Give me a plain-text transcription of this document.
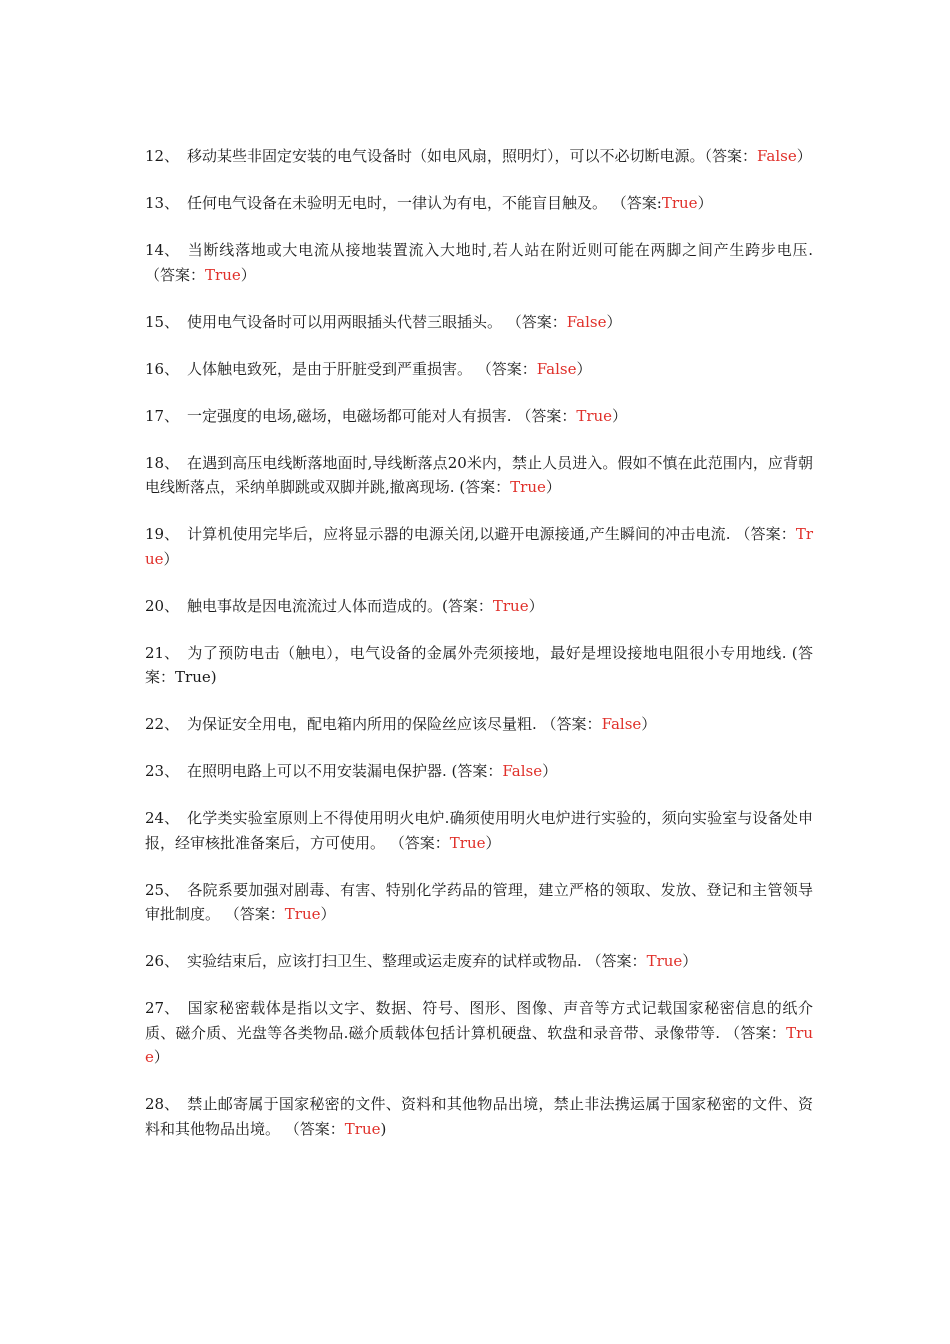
12、 移动某些非固定安装的电气设备时（如电风扇，照明灯），可以不必切断电源。（答案：False）

13、 任何电气设备在未验明无电时，一律认为有电，不能盲目触及。 （答案:True）

14、 当断线落地或大电流从接地装置流入大地时,若人站在附近则可能在两脚之间产生跨步电压. （答案：True）

15、 使用电气设备时可以用两眼插头代替三眼插头。 （答案：False）

16、 人体触电致死，是由于肝脏受到严重损害。 （答案：False）

17、 一定强度的电场,磁场，电磁场都可能对人有损害. （答案：True）

18、 在遇到高压电线断落地面时,导线断落点20米内，禁止人员进入。假如不慎在此范围内，应背朝电线断落点，采纳单脚跳或双脚并跳,撤离现场. (答案：True）

19、 计算机使用完毕后，应将显示器的电源关闭,以避开电源接通,产生瞬间的冲击电流. （答案：True）

20、 触电事故是因电流流过人体而造成的。(答案：True）

21、 为了预防电击（触电），电气设备的金属外壳须接地，最好是埋设接地电阻很小专用地线. (答案：True)

22、 为保证安全用电，配电箱内所用的保险丝应该尽量粗. （答案：False）

23、 在照明电路上可以不用安装漏电保护器. (答案：False）

24、 化学类实验室原则上不得使用明火电炉.确须使用明火电炉进行实验的，须向实验室与设备处申报，经审核批准备案后，方可使用。 （答案：True）

25、 各院系要加强对剧毒、有害、特别化学药品的管理，建立严格的领取、发放、登记和主管领导审批制度。 （答案：True）

26、 实验结束后，应该打扫卫生、整理或运走废弃的试样或物品. （答案：True）

27、 国家秘密载体是指以文字、数据、符号、图形、图像、声音等方式记载国家秘密信息的纸介质、磁介质、光盘等各类物品.磁介质载体包括计算机硬盘、软盘和录音带、录像带等. （答案：True）

28、 禁止邮寄属于国家秘密的文件、资料和其他物品出境，禁止非法携运属于国家秘密的文件、资料和其他物品出境。 （答案：True)
